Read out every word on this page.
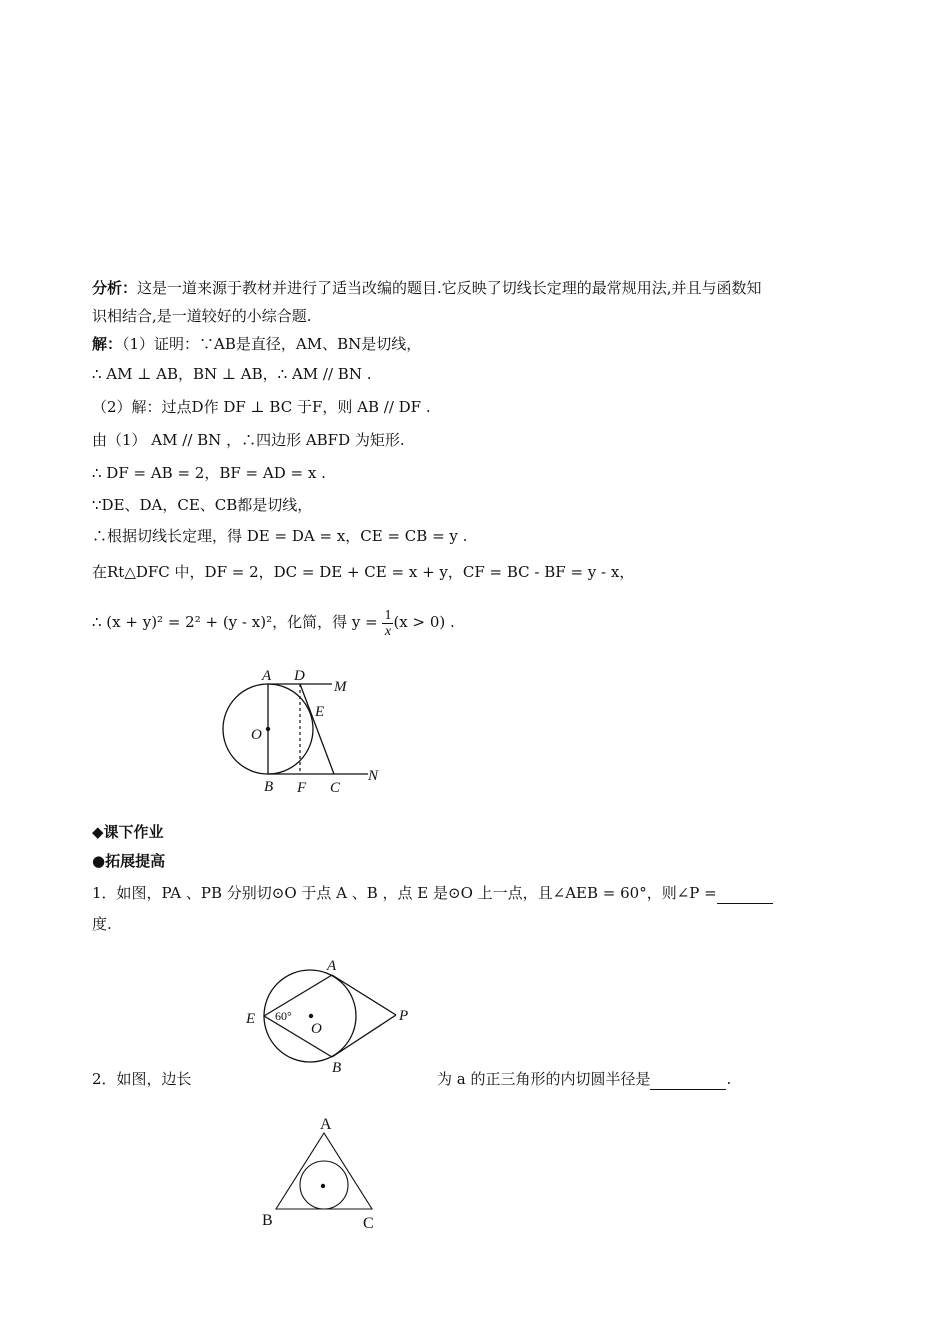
分析：这是一道来源于教材并进行了适当改编的题目.它反映了切线长定理的最常规用法,并且与函数知
识相结合,是一道较好的小综合题.
解：（1）证明：∵AB是直径，AM、BN是切线，
∴ AM ⊥ AB，BN ⊥ AB，∴ AM // BN .
（2）解：过点D作 DF ⊥ BC 于F，则 AB // DF .
由（1） AM // BN ，∴四边形 ABFD 为矩形.
∴ DF = AB = 2，BF = AD = x .
∵DE、DA，CE、CB都是切线，
∴根据切线长定理，得 DE = DA = x，CE = CB = y .
在Rt△DFC 中，DF = 2，DC = DE + CE = x + y，CF = BC - BF = y - x，
∴ (x + y)² = 2² + (y - x)²，化简，得 $y = \frac{1}{x} (x > 0)$ .
A D
M
E
O
B F C
N
◆课下作业
●拓展提高
1．如图，PA 、PB 分别切⊙O 于点 A 、B ，点 E 是⊙O 上一点，且∠AEB = 60°，则∠P =
度.
A
E 60°
O
P
B
2．如图，边长	为 a 的正三角形的内切圆半径是	.
A
B	C
